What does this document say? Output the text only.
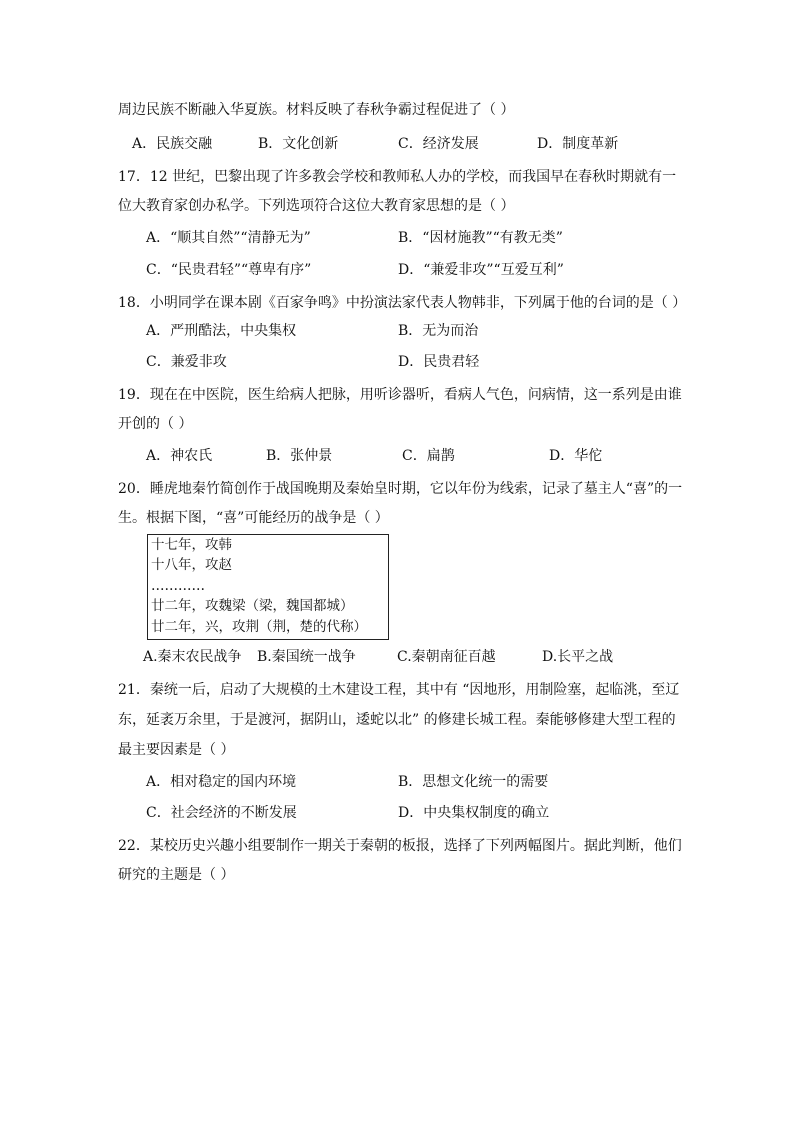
周边民族不断融入华夏族。材料反映了春秋争霸过程促进了（ ）
A．民族交融	B．文化创新	C．经济发展	D．制度革新
17．12 世纪，巴黎出现了许多教会学校和教师私人办的学校，而我国早在春秋时期就有一
位大教育家创办私学。下列选项符合这位大教育家思想的是（ ）
A．“顺其自然”“清静无为”	B．“因材施教”“有教无类”
C．“民贵君轻”“尊卑有序”	D．“兼爱非攻”“互爱互利”
18．小明同学在课本剧《百家争鸣》中扮演法家代表人物韩非，下列属于他的台词的是（ ）
A．严刑酷法，中央集权	B．无为而治
C．兼爱非攻	D．民贵君轻
19．现在在中医院，医生给病人把脉，用听诊器听，看病人气色，问病情，这一系列是由谁
开创的（ ）
A．神农氏	B．张仲景	C．扁鹊	D．华佗
20．睡虎地秦竹简创作于战国晚期及秦始皇时期，它以年份为线索，记录了墓主人“喜”的一
生。根据下图，“喜”可能经历的战争是（ ）
十七年，攻韩
十八年，攻赵
…………
廿二年，攻魏梁（梁，魏国都城）
廿二年，兴，攻荆（荆，楚的代称）
A.秦末农民战争 B.秦国统一战争	C.秦朝南征百越	D.长平之战
21．秦统一后，启动了大规模的土木建设工程，其中有 “因地形，用制险塞，起临洮，至辽
东，延袤万余里，于是渡河，据阴山，逶蛇以北” 的修建长城工程。秦能够修建大型工程的
最主要因素是（ ）
A．相对稳定的国内环境	B．思想文化统一的需要
C．社会经济的不断发展	D．中央集权制度的确立
22．某校历史兴趣小组要制作一期关于秦朝的板报，选择了下列两幅图片。据此判断，他们
研究的主题是（ ）
